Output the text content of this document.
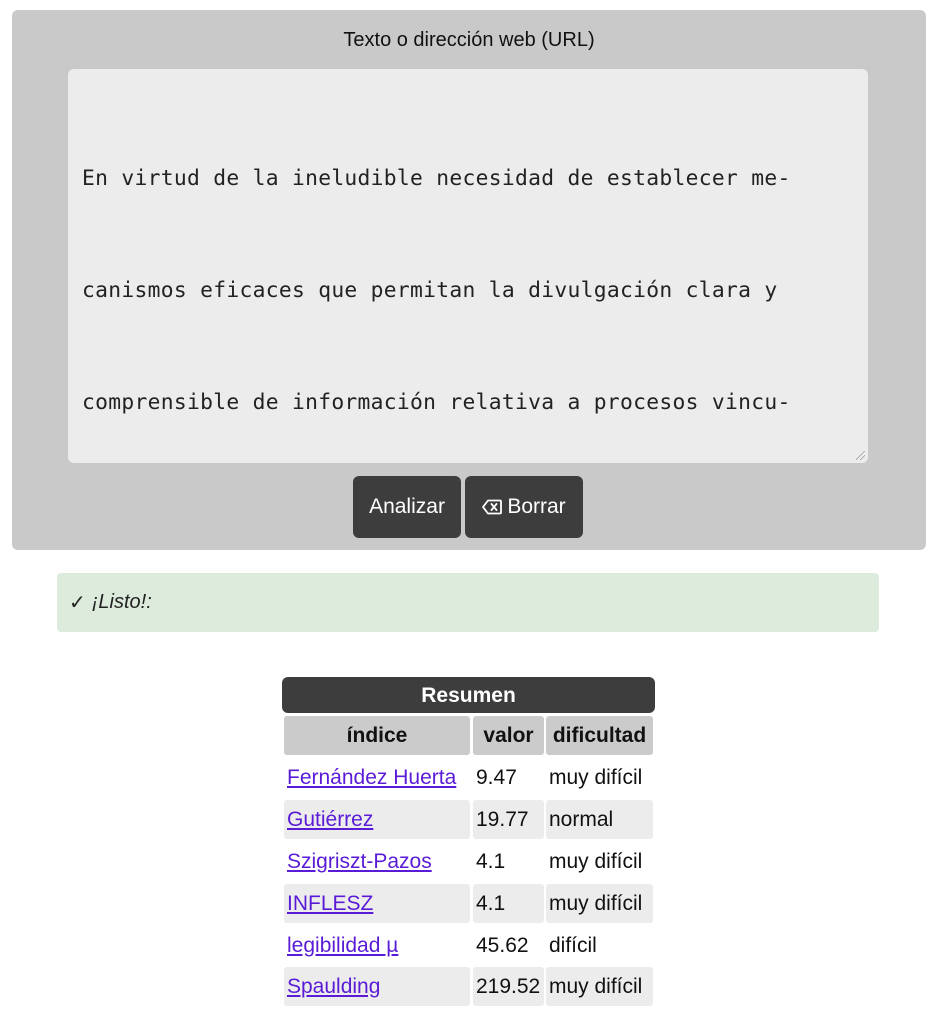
Texto o dirección web (URL)

En virtud de la ineludible necesidad de establecer me-

canismos eficaces que permitan la divulgación clara y

comprensible de información relativa a procesos vincu-

Analizar	Borrar
✓ ¡Listo!:
Resumen
índice	valor dificultad
Fernández Huerta 9.47	muy difícil
Gutiérrez	19.77 normal
Szigriszt-Pazos 4.1	muy difícil
INFLESZ	4.1	muy difícil
legibilidad µ	45.62 difícil
Spaulding	219.52 muy difícil
